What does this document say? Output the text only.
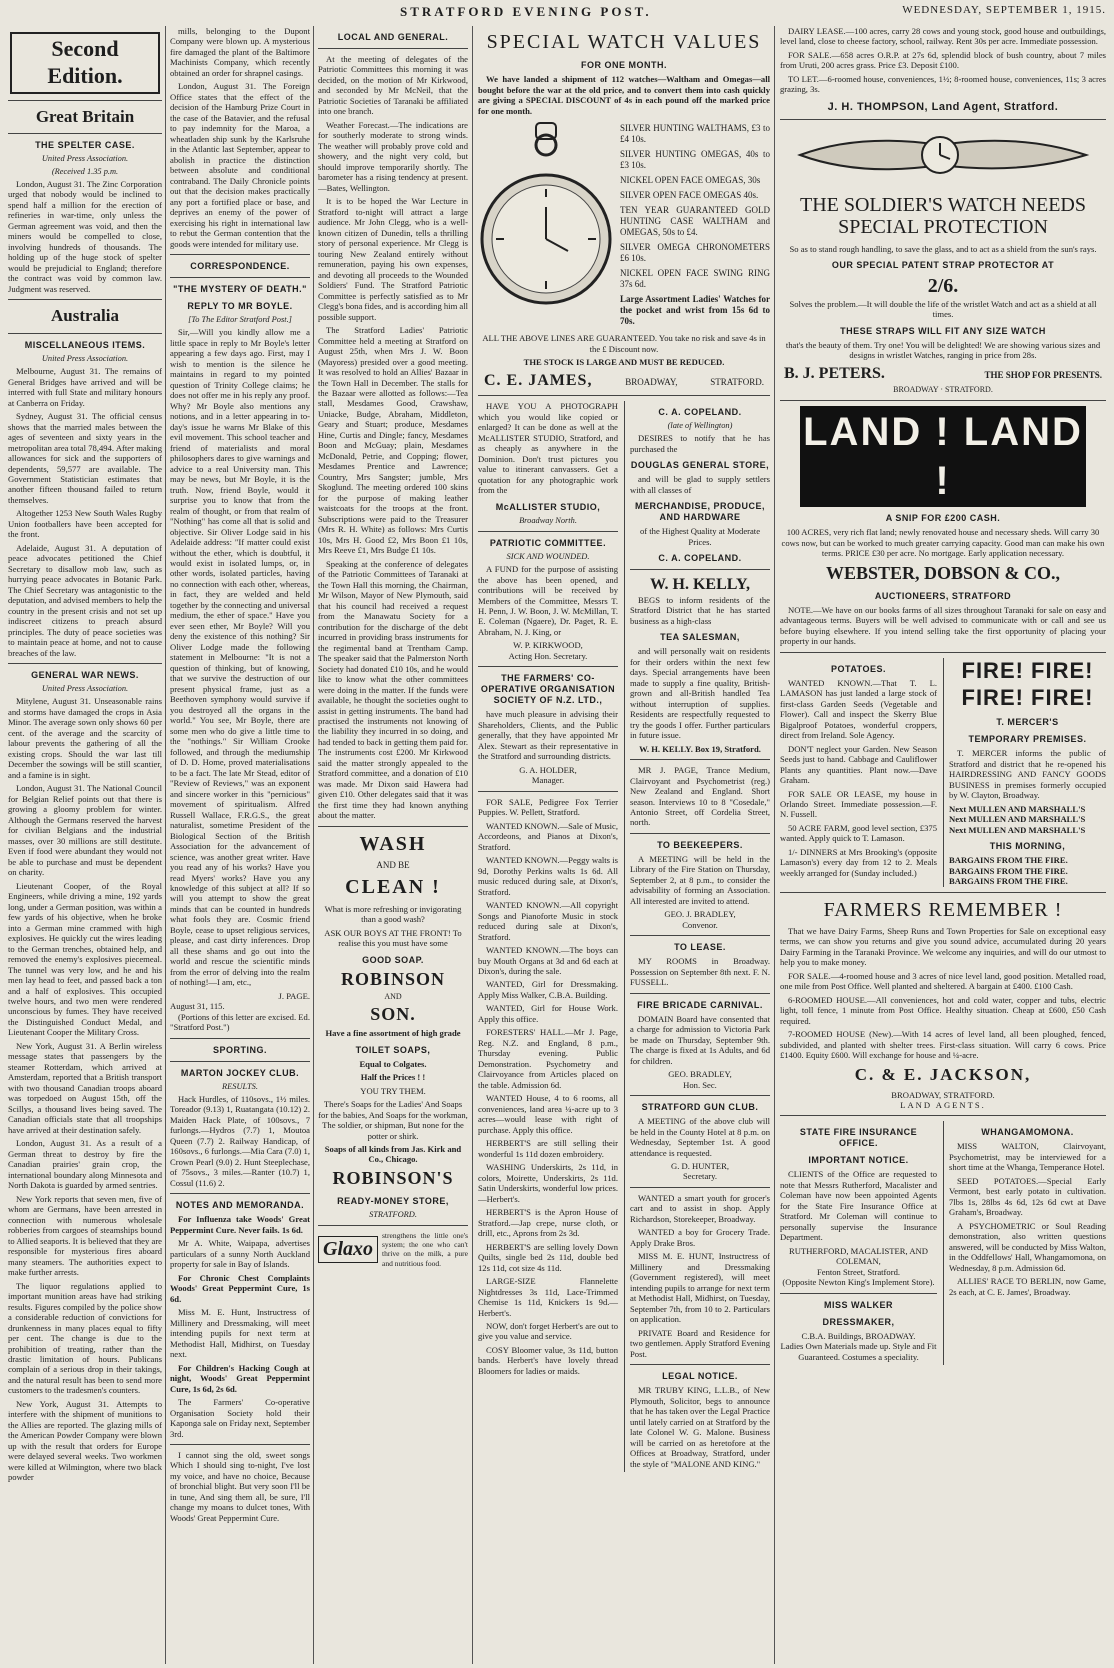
STRATFORD EVENING POST.	WEDNESDAY, SEPTEMBER 1, 1915.
Second Edition.
Great Britain
THE SPELTER CASE.
United Press Association.
(Received 1.35 p.m.

London, August 31. The Zinc Corporation urged that nobody would be inclined to spend half a million for the erection of refineries in war-time, only unless the German agreement was void, and then the miners would be compelled to close, involving hundreds of thousands. The holding up of the huge stock of spelter would be prejudicial to England; therefore the contract was void by common law. Judgment was reserved.

Australia
MISCELLANEOUS ITEMS.
United Press Association.

Melbourne, August 31. The remains of General Bridges have arrived and will be interred with full State and military honours at Canberra on Friday.

Sydney, August 31. The official census shows that the married males between the ages of seventeen and sixty years in the metropolitan area total 78,494. After making allowances for sick and the supporters of dependents, 59,577 are available. The Government Statistician estimates that another fifteen thousand failed to return themselves.

Altogether 1253 New South Wales Rugby Union footballers have been accepted for the front.

Adelaide, August 31. A deputation of peace advocates petitioned the Chief Secretary to disallow mob law, such as hurrying peace advocates in Botanic Park. The Chief Secretary was antagonistic to the deputation, and advised members to help the country in the present crisis and not set up indiscreet citizens to preach absurd principles. The duty of peace societies was to maintain peace at home, and not to cause breaches of the law.

GENERAL WAR NEWS.
United Press Association.

Mitylene, August 31. Unseasonable rains and storms have damaged the crops in Asia Minor. The average sown only shows 60 per cent. of the average and the scarcity of labour prevents the gathering of all the existing crops. Should the war last till December the sowings will be still scantier, and a famine is in sight.

London, August 31. The National Council for Belgian Relief points out that there is growing a gloomy problem for winter. Although the Germans reserved the harvest for civilian Belgians and the industrial masses, over 30 millions are still destitute. Even if food were abundant they would not be able to purchase and must be dependent on charity.

Lieutenant Cooper, of the Royal Engineers, while driving a mine, 192 yards long, under a German position, was within a few yards of his objective, when he broke into a German mine crammed with high explosives. He quickly cut the wires leading to the German trenches, obtained help, and removed the enemy's explosives piecemeal. The tunnel was very low, and he and his men lay head to feet, and passed back a ton and a half of explosives. This occupied twelve hours, and two men were rendered unconscious by fumes. They have received the Distinguished Conduct Medal, and Lieutenant Cooper the Military Cross.

New York, August 31. A Berlin wireless message states that passengers by the steamer Rotterdam, which arrived at Amsterdam, reported that a British transport with two thousand Canadian troops aboard was torpedoed on August 15th, off the Scillys, a thousand lives being saved. The Canadian officials state that all troopships have arrived at their destination safely.

London, August 31. As a result of a German threat to destroy by fire the Canadian prairies' grain crop, the international boundary along Minnesota and North Dakota is guarded by armed sentries.

New York reports that seven men, five of whom are Germans, have been arrested in connection with numerous wholesale robberies from cargoes of steamships bound to Allied seaports. It is believed that they are responsible for mysterious fires aboard many steamers. The authorities expect to make further arrests.

The liquor regulations applied to important munition areas have had striking results. Figures compiled by the police show a considerable reduction of convictions for drunkenness in many places equal to fifty per cent. The change is due to the prohibition of treating, rather than the drastic limitation of hours. Publicans complain of a serious drop in their takings, and the natural result has been to send more customers to the tradesmen's counters.

New York, August 31. Attempts to interfere with the shipment of munitions to the Allies are reported. The glazing mills of the American Powder Company were blown up with the result that orders for Europe were delayed several weeks. Two workmen were killed at Wilmington, where two black powder

mills, belonging to the Dupont Company were blown up. A mysterious fire damaged the plant of the Baltimore Machinists Company, which recently obtained an order for shrapnel casings.

London, August 31. The Foreign Office states that the effect of the decision of the Hamburg Prize Court in the case of the Batavier, and the refusal to pay indemnity for the Maroa, a wheatladen ship sunk by the Karlsruhe in the Atlantic last September, appear to abolish in practice the distinction between absolute and conditional contraband. The Daily Chronicle points out that the decision makes practically any port a fortified place or base, and deprives an enemy of the power of exercising his right in international law to rebut the German contention that the goods were intended for military use.

CORRESPONDENCE.
"THE MYSTERY OF DEATH."
REPLY TO MR BOYLE.
[To The Editor Stratford Post.]

Sir,—Will you kindly allow me a little space in reply to Mr Boyle's letter appearing a few days ago. First, may I wish to mention is the silence he maintains in regard to my pointed question of Trinity College claims; he does not offer me in his reply any proof. Why? Mr Boyle also mentions any notions, and in a letter appearing in to-day's issue he warns Mr Blake of this evil movement. This school teacher and friend of materialists and moral philosophers dares to give warnings and advice to a real University man. This may be news, but Mr Boyle, it is the truth. Now, friend Boyle, would it surprise you to know that from the realm of thought, or from that realm of "Nothing" has come all that is solid and objective. Sir Oliver Lodge said in his Adelaide address: "If matter could exist without the ether, which is doubtful, it would exist in isolated lumps, or, in other words, isolated particles, having no connection with each other, whereas, in fact, they are welded and held together by the connecting and universal medium, the ether of space." Have you ever seen ether, Mr Boyle? Will you deny the existence of this nothing? Sir Oliver Lodge made the following statement in Melbourne: "It is not a question of thinking, but of knowing, that we survive the destruction of our present physical frame, just as a Beethoven symphony would survive if you destroyed all the organs in the world." You see, Mr Boyle, there are some men who do give a little time to the "nothings." Sir William Crooke followed, and through the mediumship of D. D. Home, proved materialisations to be a fact. The late Mr Stead, editor of "Review of Reviews," was an exponent and sincere worker in this "pernicious" movement of spiritualism. Alfred Russell Wallace, F.R.G.S., the great naturalist, sometime President of the Biological Section of the British Association for the advancement of science, was another great writer. Have you read any of his works? Have you read Myers' works? Have you any knowledge of this subject at all? If so will you attempt to show the great minds that can be counted in hundreds what fools they are. Cosmic friend Boyle, cease to upset religious services, please, and cast dirty inferences. Drop all these shams and go out into the world and rescue the scientific minds from the error of delving into the realm of nothing!—I am, etc.,

J. PAGE.
August 31, 115.

(Portions of this letter are excised. Ed. "Stratford Post.")

SPORTING.
MARTON JOCKEY CLUB.
RESULTS.

Hack Hurdles, of 110sovs., 1½ miles. Toreador (9.13) 1, Ruatangata (10.12) 2. Maiden Hack Plate, of 100sovs., 7 furlongs.—Hydros (7.7) 1, Moutoa Queen (7.7) 2. Railway Handicap, of 160sovs., 6 furlongs.—Mia Cara (7.0) 1, Crown Pearl (9.0) 2. Hunt Steeplechase, of 75sovs., 3 miles.—Ranter (10.7) 1, Cossul (11.6) 2.

NOTES AND MEMORANDA.

For Influenza take Woods' Great Peppermint Cure. Never fails. 1s 6d.

Mr A. White, Waipapa, advertises particulars of a sunny North Auckland property for sale in Bay of Islands.

For Chronic Chest Complaints Woods' Great Peppermint Cure, 1s 6d.

Miss M. E. Hunt, Instructress of Millinery and Dressmaking, will meet intending pupils for next term at Methodist Hall, Midhirst, on Tuesday next.

For Children's Hacking Cough at night, Woods' Great Peppermint Cure, 1s 6d, 2s 6d.

The Farmers' Co-operative Organisation Society hold their Kaponga sale on Friday next, September 3rd.

I cannot sing the old, sweet songs Which I should sing to-night, I've lost my voice, and have no choice, Because of bronchial blight. But very soon I'll be in tune, And sing them all, be sure, I'll change my moans to dulcet tones, With Woods' Great Peppermint Cure.

LOCAL AND GENERAL.

At the meeting of delegates of the Patriotic Committees this morning it was decided, on the motion of Mr Kirkwood, and seconded by Mr McNeil, that the Patriotic Societies of Taranaki be affiliated into one branch.

Weather Forecast.—The indications are for southerly moderate to strong winds. The weather will probably prove cold and showery, and the night very cold, but should improve temporarily shortly. The barometer has a rising tendency at present.—Bates, Wellington.

It is to be hoped the War Lecture in Stratford to-night will attract a large audience. Mr John Clegg, who is a well-known citizen of Dunedin, tells a thrilling story of personal experience. Mr Clegg is touring New Zealand entirely without remuneration, paying his own expenses, and devoting all proceeds to the Wounded Soldiers' Fund. The Stratford Patriotic Committee is perfectly satisfied as to Mr Clegg's bona fides, and is according him all possible support.

The Stratford Ladies' Patriotic Committee held a meeting at Stratford on August 25th, when Mrs J. W. Boon (Mayoress) presided over a good meeting. It was resolved to hold an Allies' Bazaar in the Town Hall in December. The stalls for the Bazaar were allotted as follows:—Tea stall, Mesdames Good, Crawshaw, Uniacke, Budge, Abraham, Middleton, Geary and Stuart; produce, Mesdames Hine, Curtis and Dingle; fancy, Mesdames Boon and McGuay; plain, Mesdames McDonald, Petrie, and Copping; flower, Mesdames Prentice and Lawrence; Country, Mrs Sangster; jumble, Mrs Skoglund. The meeting ordered 100 skins for the purpose of making leather waistcoats for the troops at the front. Subscriptions were paid to the Treasurer (Mrs R. H. White) as follows: Mrs Curtis 10s, Mrs H. Good £2, Mrs Boon £1 10s, Mrs Reeve £1, Mrs Budge £1 10s.

Speaking at the conference of delegates of the Patriotic Committees of Taranaki at the Town Hall this morning, the Chairman, Mr Wilson, Mayor of New Plymouth, said that his council had received a request from the Manawatu Society for a contribution for the discharge of the debt incurred in providing brass instruments for the regimental band at Trentham Camp. The speaker said that the Palmerston North Society had donated £10 10s, and he would like to know what the other committees were doing in the matter. If the funds were available, he thought the societies ought to assist in getting instruments. The band had practised the instruments not knowing of the liability they incurred in so doing, and had tended to back in getting them paid for. The instruments cost £200. Mr Kirkwood said the matter strongly appealed to the Stratford committee, and a donation of £10 was made. Mr Dixon said Hawera had given £10. Other delegates said that it was the first time they had known anything about the matter.

WASH
AND BE
CLEAN !

What is more refreshing or invigorating than a good wash?

ASK OUR BOYS AT THE FRONT! To realise this you must have some

GOOD SOAP.
ROBINSON
AND
SON.

Have a fine assortment of high grade

TOILET SOAPS,

Equal to Colgates.

Half the Prices ! !

YOU TRY THEM.

There's Soaps for the Ladies' And Soaps for the babies, And Soaps for the workman, The soldier, or shipman, But none for the potter or shirk.

Soaps of all kinds from Jas. Kirk and Co., Chicago.

ROBINSON'S
READY-MONEY STORE,
STRATFORD.
Glaxo
strengthens the little one's system; the one who can't thrive on the milk, a pure and nutritious food.
SPECIAL WATCH VALUES
FOR ONE MONTH.

We have landed a shipment of 112 watches—Waltham and Omegas—all bought before the war at the old price, and to convert them into cash quickly are giving a SPECIAL DISCOUNT of 4s in each pound off the marked price for one month.

SILVER HUNTING WALTHAMS, £3 to £4 10s.
SILVER HUNTING OMEGAS, 40s to £3 10s.
NICKEL OPEN FACE OMEGAS, 30s
SILVER OPEN FACE OMEGAS 40s.
TEN YEAR GUARANTEED GOLD HUNTING CASE WALTHAM and OMEGAS, 50s to £4.
SILVER OMEGA CHRONOMETERS £6 10s.
NICKEL OPEN FACE SWING RING 37s 6d.
Large Assortment Ladies' Watches for the pocket and wrist from 15s 6d to 70s.

ALL THE ABOVE LINES ARE GUARANTEED. You take no risk and save 4s in the £ Discount now.

THE STOCK IS LARGE AND MUST BE REDUCED.

C. E. JAMES,	BROADWAY,	STRATFORD.

HAVE YOU A PHOTOGRAPH which you would like copied or enlarged? It can be done as well at the McALLISTER STUDIO, Stratford, and as cheaply as anywhere in the Dominion. Don't trust pictures you value to itinerant canvassers. Get a quotation for any photographic work from the

McALLISTER STUDIO,
Broadway North.
PATRIOTIC COMMITTEE.
SICK AND WOUNDED.

A FUND for the purpose of assisting the above has been opened, and contributions will be received by Members of the Committee, Messrs T. H. Penn, J. W. Boon, J. W. McMillan, T. E. Coleman (Ngaere), Dr. Paget, R. E. Abraham, N. J. King, or

W. P. KIRKWOOD,
Acting Hon. Secretary.
THE FARMERS' CO-OPERATIVE ORGANISATION SOCIETY OF N.Z. LTD.,

have much pleasure in advising their Shareholders, Clients, and the Public generally, that they have appointed Mr Alex. Stewart as their representative in the Stratford and surrounding districts.

G. A. HOLDER,
Manager.

FOR SALE, Pedigree Fox Terrier Puppies. W. Pellett, Stratford.

WANTED KNOWN.—Sale of Music, Accordeons, and Pianos at Dixon's, Stratford.

WANTED KNOWN.—Peggy walts is 9d, Dorothy Perkins walts 1s 6d. All music reduced during sale, at Dixon's, Stratford.

WANTED KNOWN.—All copyright Songs and Pianoforte Music in stock reduced during sale at Dixon's, Stratford.

WANTED KNOWN.—The boys can buy Mouth Organs at 3d and 6d each at Dixon's, during the sale.

WANTED, Girl for Dressmaking. Apply Miss Walker, C.B.A. Building.

WANTED, Girl for House Work. Apply this office.

FORESTERS' HALL.—Mr J. Page, Reg. N.Z. and England, 8 p.m., Thursday evening. Public Demonstration. Psychometry and Clairvoyance from Articles placed on the table. Admission 6d.

WANTED House, 4 to 6 rooms, all conveniences, land area ¼-acre up to 3 acres—would lease with right of purchase. Apply this office.

HERBERT'S are still selling their wonderful 1s 11d dozen embroidery.

WASHING Underskirts, 2s 11d, in colors, Moirette, Underskirts, 2s 11d. Satin Underskirts, wonderful low prices.—Herbert's.

HERBERT'S is the Apron House of Stratford.—Jap crepe, nurse cloth, or drill, etc., Aprons from 2s 3d.

HERBERT'S are selling lovely Down Quilts, single bed 2s 11d, double bed 12s 11d, cot size 4s 11d.

LARGE-SIZE Flannelette Nightdresses 3s 11d, Lace-Trimmed Chemise 1s 11d, Knickers 1s 9d.—Herbert's.

NOW, don't forget Herbert's are out to give you value and service.

COSY Bloomer value, 3s 11d, button bands. Herbert's have lovely thread Bloomers for ladies or maids.

C. A. COPELAND.
(late of Wellington)

DESIRES to notify that he has purchased the

DOUGLAS GENERAL STORE,

and will be glad to supply settlers with all classes of

MERCHANDISE, PRODUCE, AND HARDWARE

of the Highest Quality at Moderate Prices.

C. A. COPELAND.
W. H. KELLY,

BEGS to inform residents of the Stratford District that he has started business as a high-class

TEA SALESMAN,

and will personally wait on residents for their orders within the next few days. Special arrangements have been made to supply a fine quality, British-grown and all-British handled Tea without interruption of supplies. Residents are respectfully requested to try the goods I offer. Further particulars in future issue.

W. H. KELLY. Box 19, Stratford.

MR J. PAGE, Trance Medium, Clairvoyant and Psychometrist (reg.) New Zealand and England. Short season. Interviews 10 to 8 "Cosedale," Antonio Street, off Cordelia Street, north.

TO BEEKEEPERS.

A MEETING will be held in the Library of the Fire Station on Thursday, September 2, at 8 p.m., to consider the advisability of forming an Association. All interested are invited to attend.

GEO. J. BRADLEY,
Convenor.
TO LEASE.

MY ROOMS in Broadway. Possession on September 8th next. F. N. FUSSELL.

FIRE BRICADE CARNIVAL.

DOMAIN Board have consented that a charge for admission to Victoria Park be made on Thursday, September 9th. The charge is fixed at 1s Adults, and 6d for children.

GEO. BRADLEY,
Hon. Sec.
STRATFORD GUN CLUB.

A MEETING of the above club will be held in the County Hotel at 8 p.m. on Wednesday, September 1st. A good attendance is requested.

G. D. HUNTER,
Secretary.

WANTED a smart youth for grocer's cart and to assist in shop. Apply Richardson, Storekeeper, Broadway.

WANTED a boy for Grocery Trade. Apply Drake Bros.

MISS M. E. HUNT, Instructress of Millinery and Dressmaking (Government registered), will meet intending pupils to arrange for next term at Methodist Hall, Midhirst, on Tuesday, September 7th, from 10 to 2. Particulars on application.

PRIVATE Board and Residence for two gentlemen. Apply Stratford Evening Post.

LEGAL NOTICE.

MR TRUBY KING, L.L.B., of New Plymouth, Solicitor, begs to announce that he has taken over the Legal Practice until lately carried on at Stratford by the late Colonel W. G. Malone. Business will be carried on as heretofore at the Offices at Broadway, Stratford, under the style of "MALONE AND KING."

DAIRY LEASE.—100 acres, carry 28 cows and young stock, good house and outbuildings, level land, close to cheese factory, school, railway. Rent 30s per acre. Immediate possession.

FOR SALE.—658 acres O.R.P. at 27s 6d, splendid block of bush country, about 7 miles from Uruti, 200 acres grass. Price £3. Deposit £100.

TO LET.—6-roomed house, conveniences, 1½; 8-roomed house, conveniences, 11s; 3 acres grazing, 3s.

J. H. THOMPSON, Land Agent, Stratford.
THE SOLDIER'S WATCH NEEDS SPECIAL PROTECTION

So as to stand rough handling, to save the glass, and to act as a shield from the sun's rays.

OUR SPECIAL PATENT STRAP PROTECTOR AT
2/6.

Solves the problem.—It will double the life of the wristlet Watch and act as a shield at all times.

THESE STRAPS WILL FIT ANY SIZE WATCH

that's the beauty of them. Try one! You will be delighted! We are showing various sizes and designs in wristlet Watches, ranging in price from 28s.

B. J. PETERS.	THE SHOP FOR PRESENTS.
BROADWAY · STRATFORD.
LAND ! LAND !
A SNIP FOR £200 CASH.

100 ACRES, very rich flat land; newly renovated house and necessary sheds. Will carry 30 cows now, but can be worked to much greater carrying capacity. Good man can make his own terms. PRICE £30 per acre. No mortgage. Early application necessary.

WEBSTER, DOBSON & CO.,
AUCTIONEERS, STRATFORD

NOTE.—We have on our books farms of all sizes throughout Taranaki for sale on easy and advantageous terms. Buyers will be well advised to communicate with or call and see us before buying elsewhere. If you intend selling take the first opportunity of placing your property in our hands.

POTATOES.

WANTED KNOWN.—That T. L. LAMASON has just landed a large stock of first-class Garden Seeds (Vegetable and Flower). Call and inspect the Skerry Blue Bigalproof Potatoes, wonderful croppers, direct from Ireland. Sole Agency.

DON'T neglect your Garden. New Season Seeds just to hand. Cabbage and Cauliflower Plants any quantities. Plant now.—Dave Graham.

FOR SALE OR LEASE, my house in Orlando Street. Immediate possession.—F. N. Fussell.

50 ACRE FARM, good level section, £375 wanted. Apply quick to T. Lamason.

1/- DINNERS at Mrs Brooking's (opposite Lamason's) every day from 12 to 2. Meals weekly arranged for (Sunday included.)

FIRE! FIRE!
FIRE! FIRE!
T. MERCER'S
TEMPORARY PREMISES.

T. MERCER informs the public of Stratford and district that he re-opened his HAIRDRESSING AND FANCY GOODS BUSINESS in premises formerly occupied by W. Clayton, Broadway.

Next MULLEN AND MARSHALL'S
Next MULLEN AND MARSHALL'S
Next MULLEN AND MARSHALL'S
THIS MORNING,
BARGAINS FROM THE FIRE.
BARGAINS FROM THE FIRE.
BARGAINS FROM THE FIRE.
FARMERS REMEMBER !

That we have Dairy Farms, Sheep Runs and Town Properties for Sale on exceptional easy terms, we can show you returns and give you sound advice, accumulated during 20 years Dairy Farming in the Taranaki Province. We welcome any inquiries, and will do our utmost to help you to make money.

FOR SALE.—4-roomed house and 3 acres of nice level land, good position. Metalled road, one mile from Post Office. Well planted and sheltered. A bargain at £400. £100 Cash.

6-ROOMED HOUSE.—All conveniences, hot and cold water, copper and tubs, electric light, toll fence, 1 minute from Post Office. Healthy situation. Cheap at £600, £50 Cash required.

7-ROOMED HOUSE (New).—With 14 acres of level land, all been ploughed, fenced, subdivided, and planted with shelter trees. First-class situation. Will carry 6 cows. Price £1400. Equity £600. Will exchange for house and ¼-acre.

C. & E. JACKSON,
BROADWAY, STRATFORD.
LAND AGENTS.
STATE FIRE INSURANCE OFFICE.
IMPORTANT NOTICE.

CLIENTS of the Office are requested to note that Messrs Rutherford, Macalister and Coleman have now been appointed Agents for the State Fire Insurance Office at Stratford. Mr Coleman will continue to personally supervise the Insurance Department.

RUTHERFORD, MACALISTER, AND COLEMAN,
Fenton Street, Stratford.
(Opposite Newton King's Implement Store).
MISS WALKER
DRESSMAKER,
C.B.A. Buildings, BROADWAY.

Ladies Own Materials made up. Style and Fit Guaranteed. Costumes a speciality.

WHANGAMOMONA.

MISS WALTON, Clairvoyant, Psychometrist, may be interviewed for a short time at the Whanga, Temperance Hotel.

SEED POTATOES.—Special Early Vermont, best early potato in cultivation. 7lbs 1s, 28lbs 4s 6d, 12s 6d cwt at Dave Graham's, Broadway.

A PSYCHOMETRIC or Soul Reading demonstration, also written questions answered, will be conducted by Miss Walton, in the Oddfellows' Hall, Whangamomona, on Wednesday, 8 p.m. Admission 6d.

ALLIES' RACE TO BERLIN, now Game, 2s each, at C. E. James', Broadway.
